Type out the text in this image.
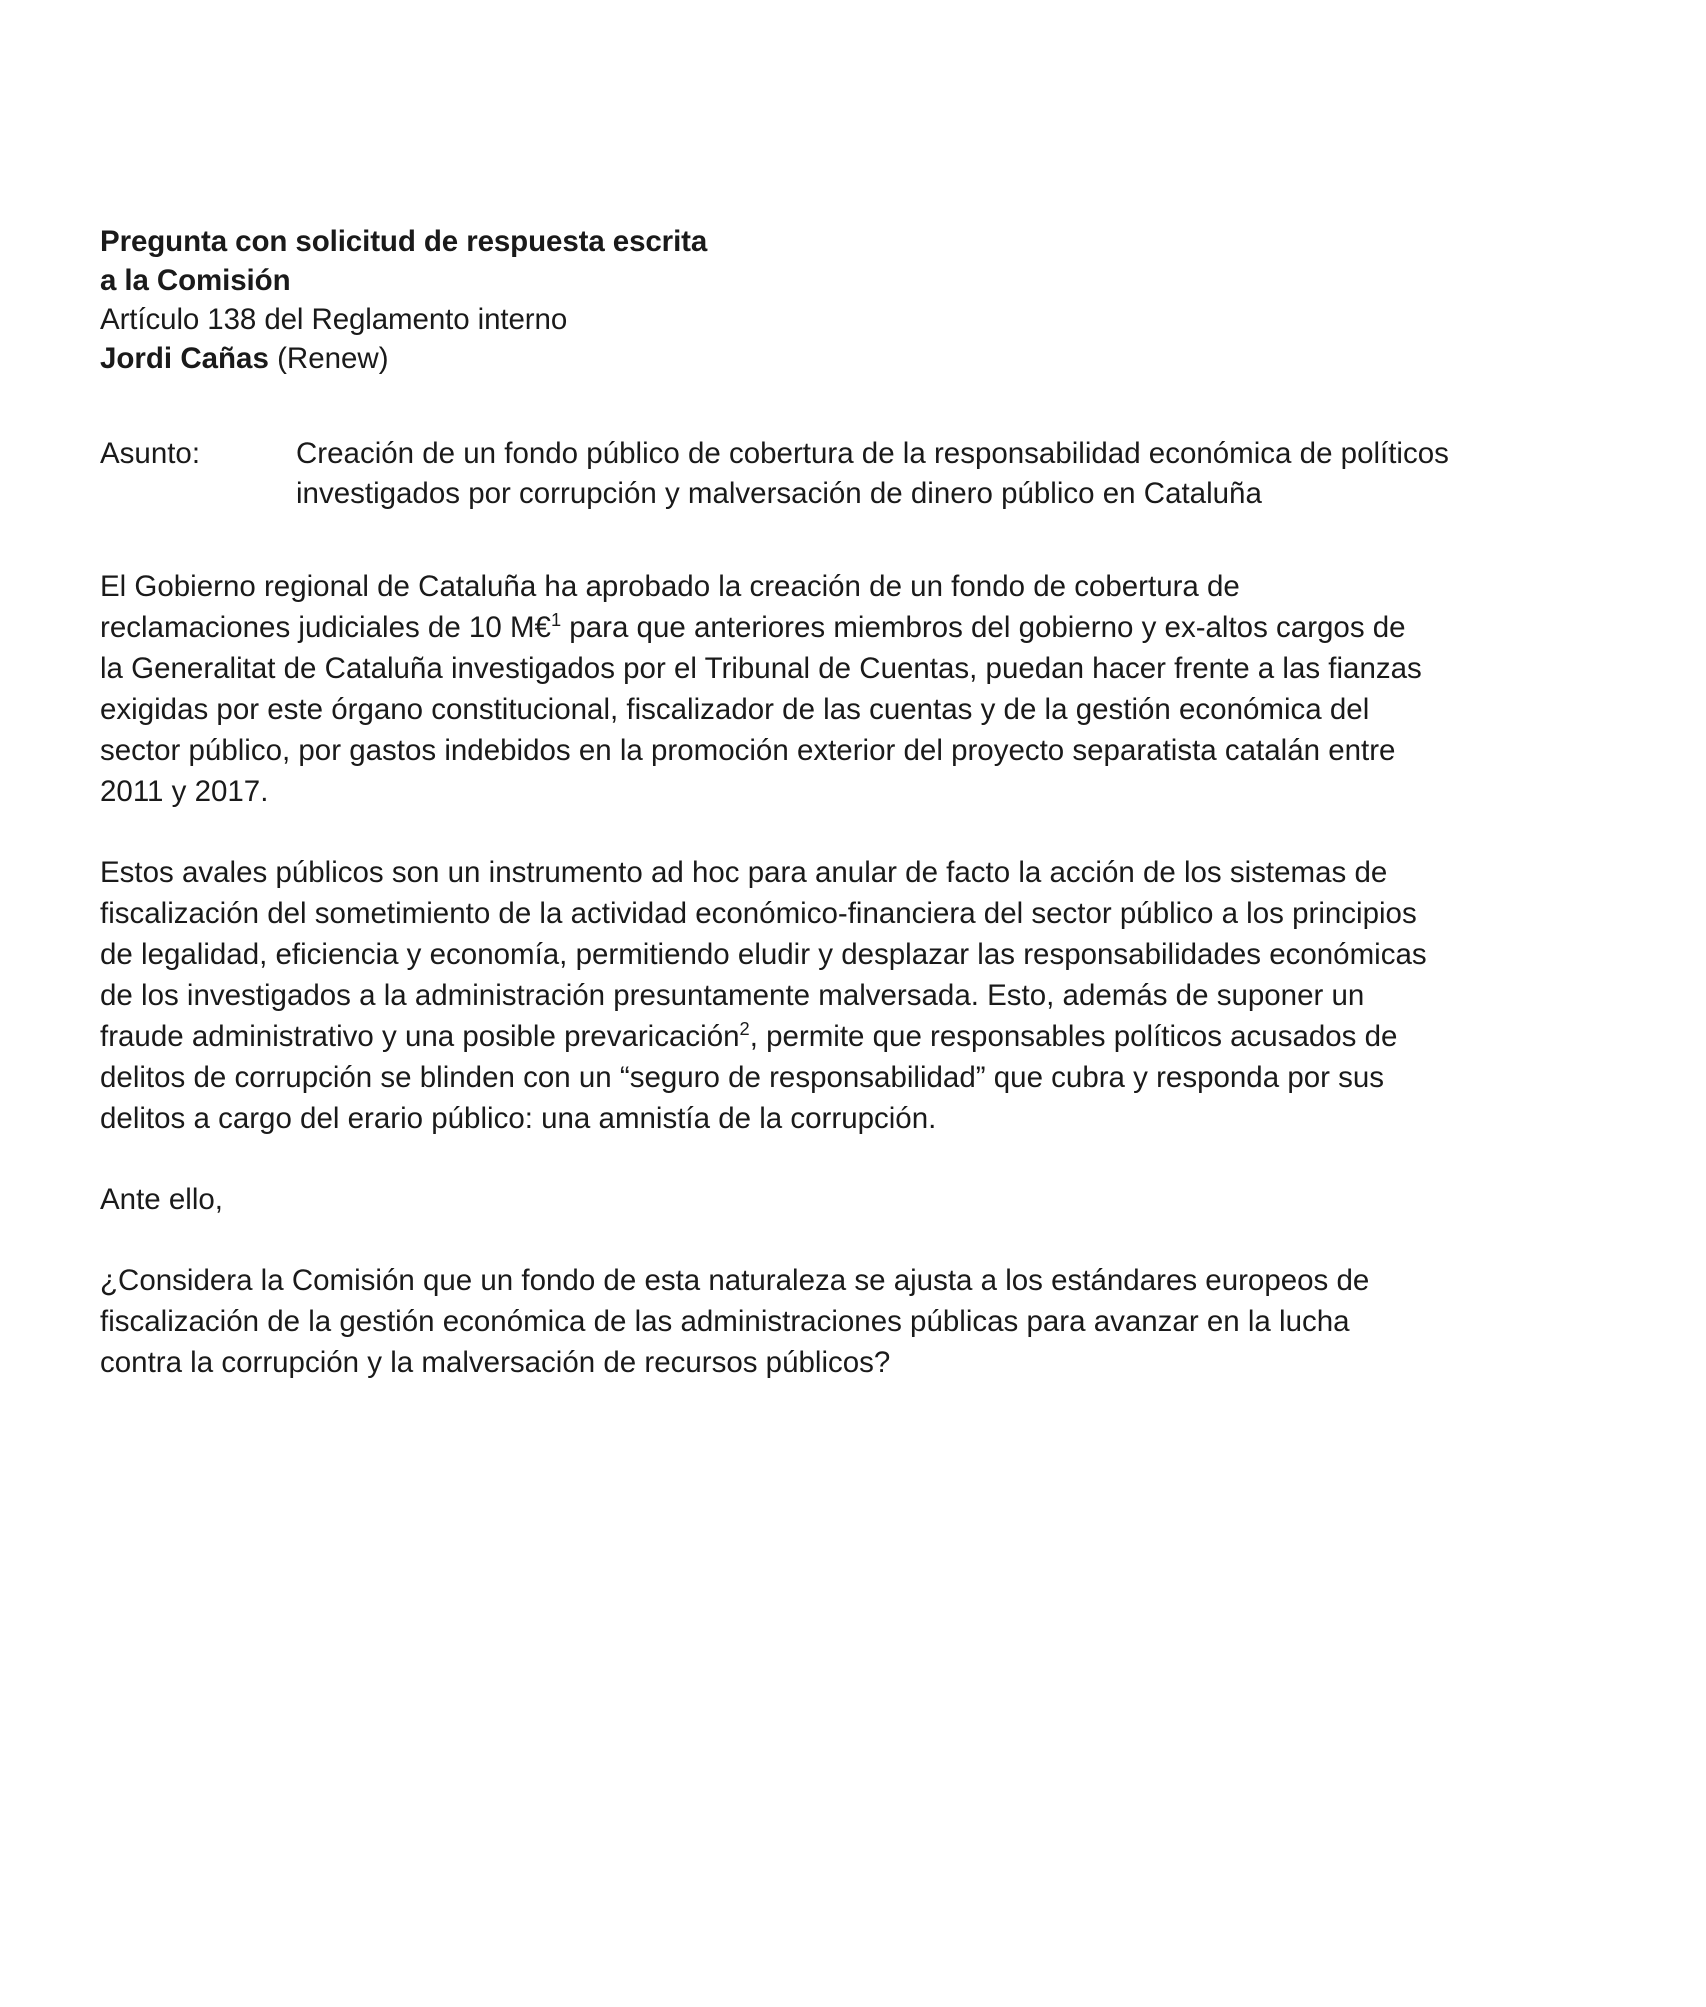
Pregunta con solicitud de respuesta escrita
a la Comisión
Artículo 138 del Reglamento interno
Jordi Cañas (Renew)
Asunto:	Creación de un fondo público de cobertura de la responsabilidad económica de políticos
investigados por corrupción y malversación de dinero público en Cataluña
El Gobierno regional de Cataluña ha aprobado la creación de un fondo de cobertura de
reclamaciones judiciales de 10 M€$^1$ para que anteriores miembros del gobierno y ex-altos cargos de
la Generalitat de Cataluña investigados por el Tribunal de Cuentas, puedan hacer frente a las fianzas
exigidas por este órgano constitucional, fiscalizador de las cuentas y de la gestión económica del
sector público, por gastos indebidos en la promoción exterior del proyecto separatista catalán entre
2011 y 2017.
Estos avales públicos son un instrumento ad hoc para anular de facto la acción de los sistemas de
fiscalización del sometimiento de la actividad económico-financiera del sector público a los principios
de legalidad, eficiencia y economía, permitiendo eludir y desplazar las responsabilidades económicas
de los investigados a la administración presuntamente malversada. Esto, además de suponer un
fraude administrativo y una posible prevaricación$^2$, permite que responsables políticos acusados de
delitos de corrupción se blinden con un “seguro de responsabilidad” que cubra y responda por sus
delitos a cargo del erario público: una amnistía de la corrupción.
Ante ello,
¿Considera la Comisión que un fondo de esta naturaleza se ajusta a los estándares europeos de
fiscalización de la gestión económica de las administraciones públicas para avanzar en la lucha
contra la corrupción y la malversación de recursos públicos?
